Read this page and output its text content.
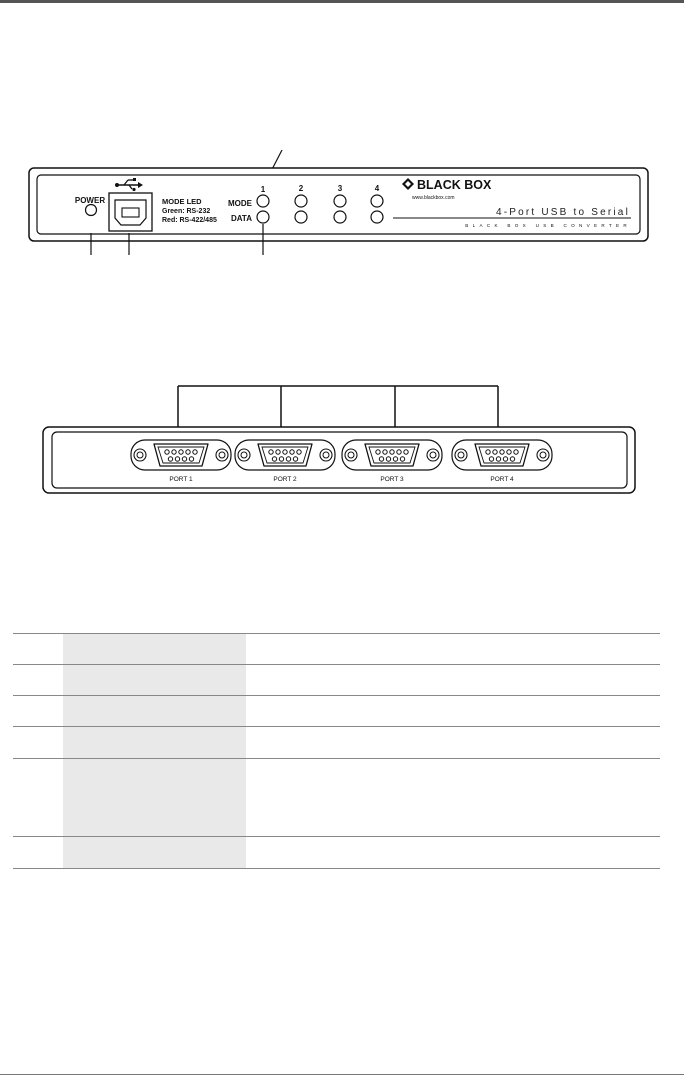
POWER	MODE LED
Green: RS-232
Red: RS-422/485
MODE
DATA
1	2	3	4	BLACK BOX
www.blackbox.com
4-Port USB to Serial
BLACK BOX USB CONVERTER
PORT 1	PORT 2	PORT 3	PORT 4
